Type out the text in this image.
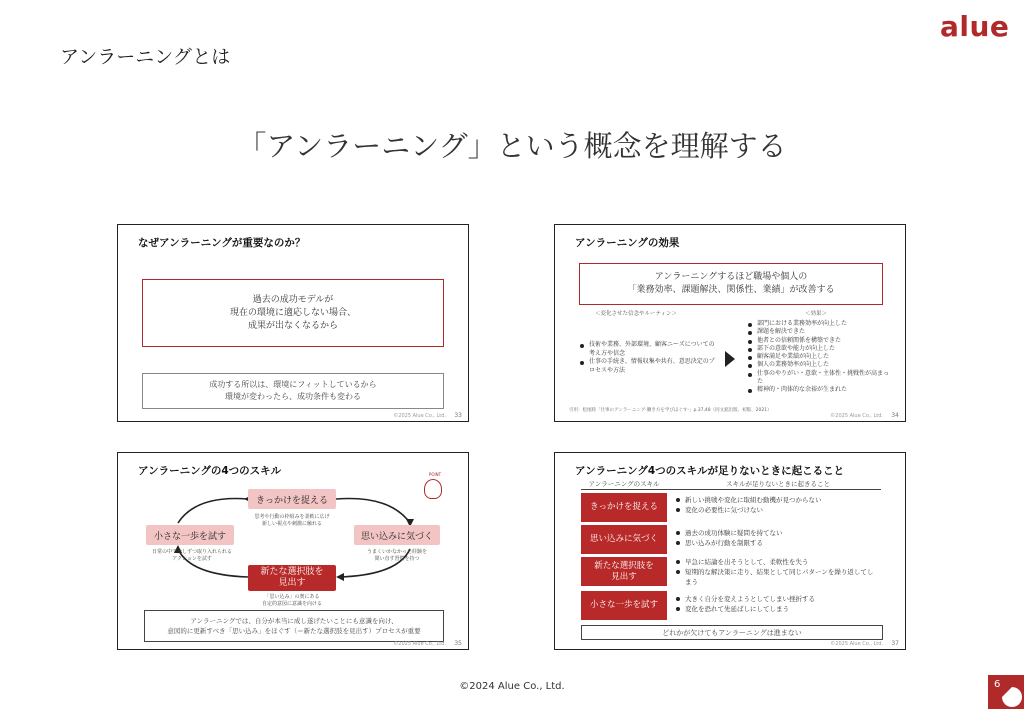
alue
アンラーニングとは
「アンラーニング」という概念を理解する
なぜアンラーニングが重要なのか？
過去の成功モデルが
現在の環境に適応しない場合、
成果が出なくなるから
成功する所以は、環境にフィットしているから
環境が変わったら、成功条件も変わる
©2025 Alue Co., Ltd. 33
アンラーニングの効果
アンラーニングするほど職場や個人の
「業務効率、課題解決、関係性、業績」が改善する
＜変化させた信念やルーティン＞
技術や業務、外部環境、顧客ニーズについての考え方や信念
仕事の手続き、情報収集や共有、意思決定のプロセスや方法
＜効果＞
部門における業務効率が向上した
課題を解決できた
他者との信頼関係を構築できた
部下の意欲や能力が向上した
顧客満足や業績が向上した
個人の業務効率が向上した
仕事のやりがい・意欲・主体性・挑戦性が高まった
精神的・肉体的な余裕が生まれた
引用：松尾睦「仕事のアンラーニング-働き方を学びほぐす-」p.37,48（同文舘出版、初版、2021）
©2025 Alue Co., Ltd. 34
アンラーニングの4つのスキル
きっかけを捉える
思考や行動の枠組みを柔軟に広げ
新しい視点や刺激に触れる
思い込みに気づく
うまくいかなかった経験を
問い直す習慣を持つ
新たな選択肢を
見出す
「思い込み」の奥にある
自定的意図に意識を向ける
小さな一歩を試す
日常の中で少しずつ取り入れられる
アクションを試す
POINT
アンラーニングでは、自分が本当に成し遂げたいことにも意識を向け、
意図的に更新すべき「思い込み」をほぐす（＝新たな選択肢を見出す）プロセスが重要
©2025 Alue Co., Ltd. 35
アンラーニング4つのスキルが足りないときに起こること
アンラーニングのスキル	スキルが足りないときに起きること
きっかけを捉える
新しい挑戦や変化に取組む動機が見つからない
変化の必要性に気づけない
思い込みに気づく
過去の成功体験に疑問を持てない
思い込みが行動を制限する
新たな選択肢を
見出す
早急に結論を出そうとして、柔軟性を失う
短期的な解決策に走り、結果として同じパターンを繰り返してしまう
小さな一歩を試す
大きく自分を変えようとしてしまい挫折する
変化を恐れて先延ばしにしてしまう
どれかが欠けてもアンラーニングは進まない
©2025 Alue Co., Ltd. 37
©2024 Alue Co., Ltd.	6
